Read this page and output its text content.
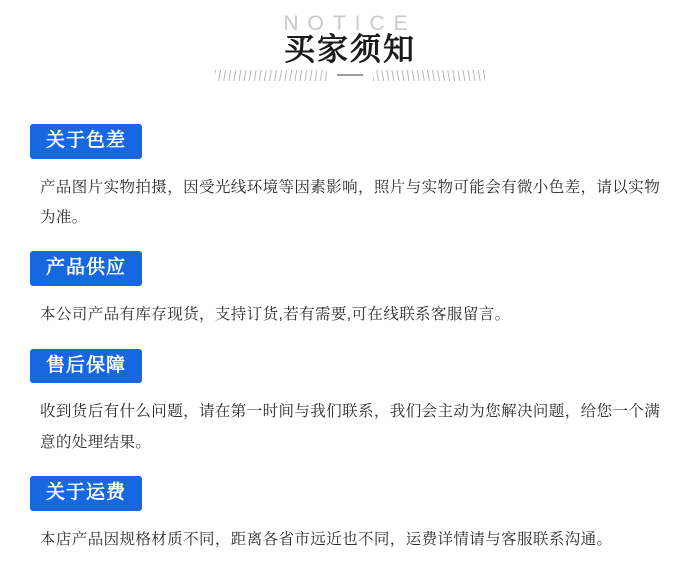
NOTICE
买家须知
关于色差
产品图片实物拍摄，因受光线环境等因素影响，照片与实物可能会有微小色差，请以实物为准。
产品供应
本公司产品有库存现货，支持订货,若有需要,可在线联系客服留言。
售后保障
收到货后有什么问题，请在第一时间与我们联系，我们会主动为您解决问题，给您一个满意的处理结果。
关于运费
本店产品因规格材质不同，距离各省市远近也不同，运费详情请与客服联系沟通。
